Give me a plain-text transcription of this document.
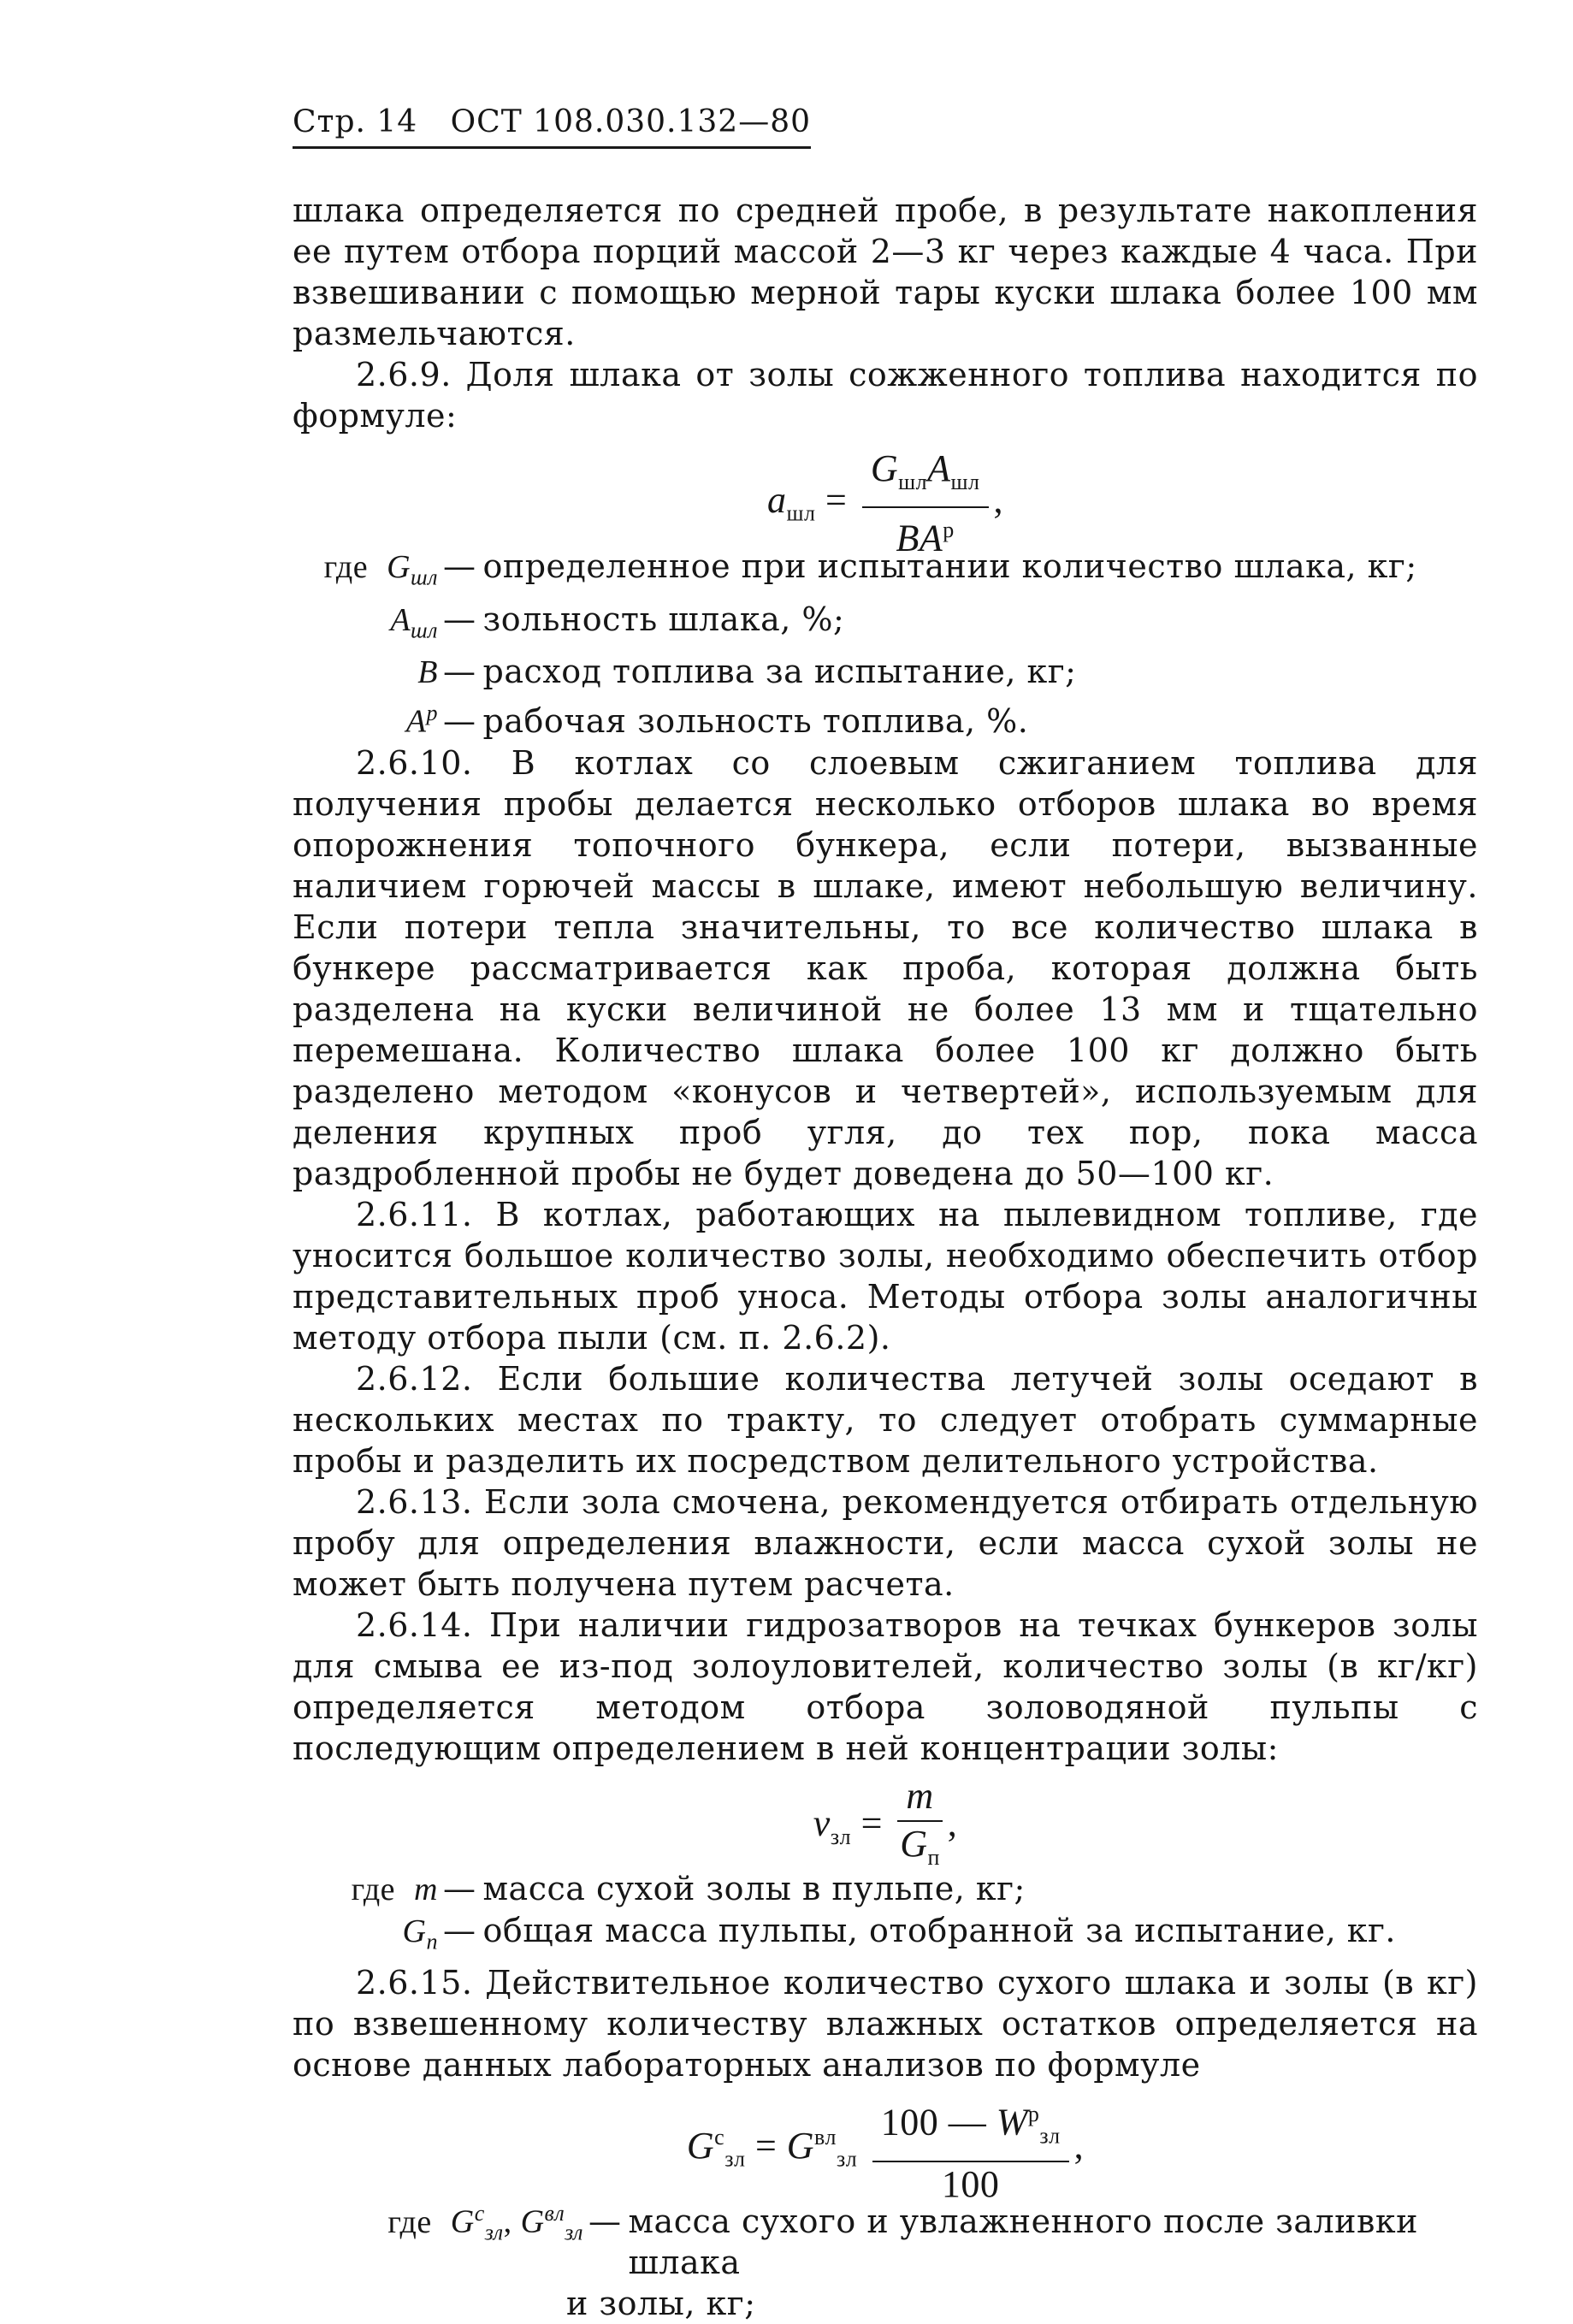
Стр. 14 ОСТ 108.030.132—80

шлака определяется по средней пробе, в результате накопления ее путем отбора порций массой 2—3 кг через каждые 4 часа. При взвешивании с помощью мерной тары куски шлака более 100 мм размельчаются.

2.6.9. Доля шлака от золы сожженного топлива находится по формуле:

$a_{шл} = \frac{G_{шл}A_{шл}}{BA^р}$ ,
где $G_{шл}$ — определенное при испытании количество шлака, кг;
$A_{шл}$ — зольность шлака, %;
B — расход топлива за испытание, кг;
$A^р$ — рабочая зольность топлива, %.

2.6.10. В котлах со слоевым сжиганием топлива для получения пробы делается несколько отборов шлака во время опорожнения топочного бункера, если потери, вызванные наличием горючей массы в шлаке, имеют небольшую величину. Если потери тепла значительны, то все количество шлака в бункере рассматривается как проба, которая должна быть разделена на куски величиной не более 13 мм и тщательно перемешана. Количество шлака более 100 кг должно быть разделено методом «конусов и четвертей», используемым для деления крупных проб угля, до тех пор, пока масса раздробленной пробы не будет доведена до 50—100 кг.

2.6.11. В котлах, работающих на пылевидном топливе, где уносится большое количество золы, необходимо обеспечить отбор представительных проб уноса. Методы отбора золы аналогичны методу отбора пыли (см. п. 2.6.2).

2.6.12. Если большие количества летучей золы оседают в нескольких местах по тракту, то следует отобрать суммарные пробы и разделить их посредством делительного устройства.

2.6.13. Если зола смочена, рекомендуется отбирать отдельную пробу для определения влажности, если масса сухой золы не может быть получена путем расчета.

2.6.14. При наличии гидрозатворов на течках бункеров золы для смыва ее из-под золоуловителей, количество золы (в кг/кг) определяется методом отбора золоводяной пульпы с последующим определением в ней концентрации золы:

$\nu_{зл} = \frac{m}{G_п}$ ,
где m — масса сухой золы в пульпе, кг;
$G_п$ — общая масса пульпы, отобранной за испытание, кг.

2.6.15. Действительное количество сухого шлака и золы (в кг) по взвешенному количеству влажных остатков определяется на основе данных лабораторных анализов по формуле

$G^с_{зл} = G^{вл}_{зл} \frac{100 — W^р_{зл}}{100}$ ,
где $G^с_{зл}$, $G^{вл}_{зл}$ — масса сухого и увлажненного после заливки шлака
и золы, кг;
